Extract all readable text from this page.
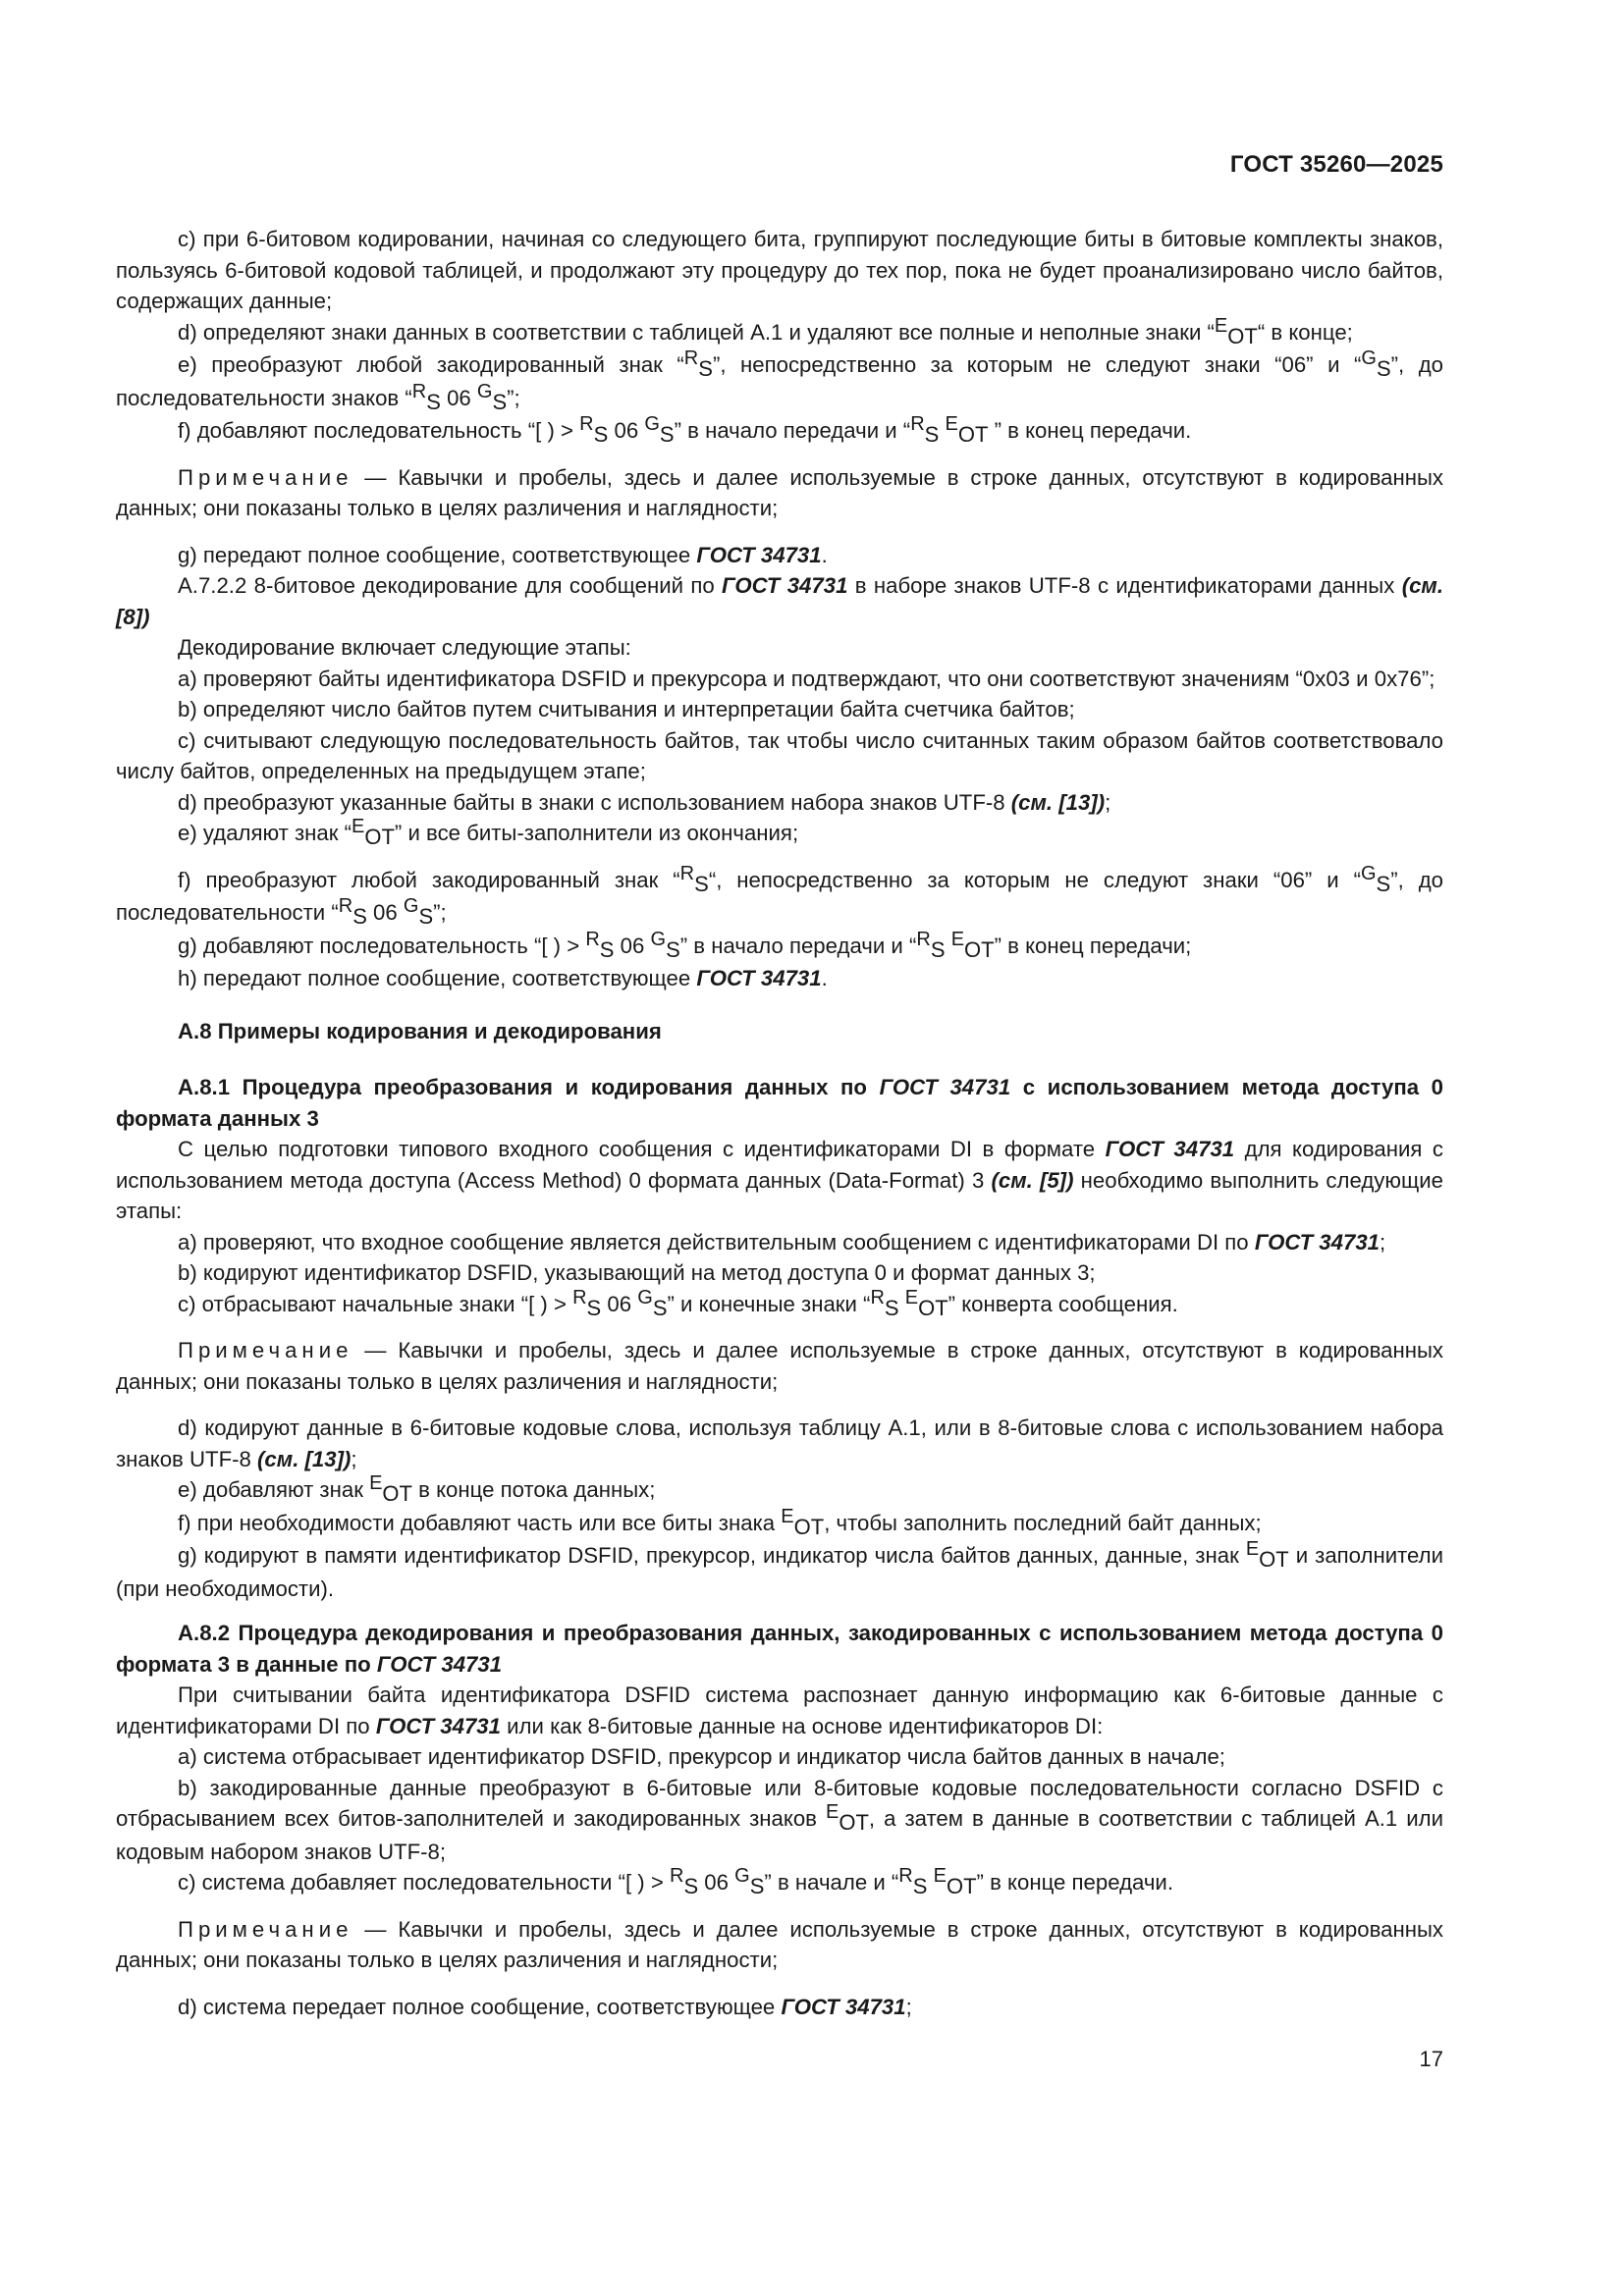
ГОСТ 35260—2025

c) при 6-битовом кодировании, начиная со следующего бита, группируют последующие биты в битовые комплекты знаков, пользуясь 6-битовой кодовой таблицей, и продолжают эту процедуру до тех пор, пока не будет проанализировано число байтов, содержащих данные;

d) определяют знаки данных в соответствии с таблицей А.1 и удаляют все полные и неполные знаки “EOT“ в конце;

e) преобразуют любой закодированный знак “RS”, непосредственно за которым не следуют знаки “06” и “GS”, до последовательности знаков “RS 06 GS”;

f) добавляют последовательность “[ ) > RS 06 GS” в начало передачи и “RS EOT ” в конец передачи.

Примечание — Кавычки и пробелы, здесь и далее используемые в строке данных, отсутствуют в кодированных данных; они показаны только в целях различения и наглядности;

g) передают полное сообщение, соответствующее ГОСТ 34731.

А.7.2.2 8-битовое декодирование для сообщений по ГОСТ 34731 в наборе знаков UTF-8 с идентификаторами данных (см. [8])

Декодирование включает следующие этапы:

a) проверяют байты идентификатора DSFID и прекурсора и подтверждают, что они соответствуют значениям “0x03 и 0x76”;

b) определяют число байтов путем считывания и интерпретации байта счетчика байтов;

c) считывают следующую последовательность байтов, так чтобы число считанных таким образом байтов соответствовало числу байтов, определенных на предыдущем этапе;

d) преобразуют указанные байты в знаки с использованием набора знаков UTF-8 (см. [13]);

e) удаляют знак “EOT” и все биты-заполнители из окончания;

f) преобразуют любой закодированный знак “RS“, непосредственно за которым не следуют знаки “06” и “GS”, до последовательности “RS 06 GS”;

g) добавляют последовательность “[ ) > RS 06 GS” в начало передачи и “RS EOT” в конец передачи;

h) передают полное сообщение, соответствующее ГОСТ 34731.

А.8 Примеры кодирования и декодирования

А.8.1 Процедура преобразования и кодирования данных по ГОСТ 34731 с использованием метода доступа 0 формата данных 3

С целью подготовки типового входного сообщения с идентификаторами DI в формате ГОСТ 34731 для кодирования с использованием метода доступа (Access Method) 0 формата данных (Data-Format) 3 (см. [5]) необходимо выполнить следующие этапы:

a) проверяют, что входное сообщение является действительным сообщением с идентификаторами DI по ГОСТ 34731;

b) кодируют идентификатор DSFID, указывающий на метод доступа 0 и формат данных 3;

c) отбрасывают начальные знаки “[ ) > RS 06 GS” и конечные знаки “RS EOT” конверта сообщения.

Примечание — Кавычки и пробелы, здесь и далее используемые в строке данных, отсутствуют в кодированных данных; они показаны только в целях различения и наглядности;

d) кодируют данные в 6-битовые кодовые слова, используя таблицу А.1, или в 8-битовые слова с использованием набора знаков UTF-8 (см. [13]);

e) добавляют знак EOT в конце потока данных;

f) при необходимости добавляют часть или все биты знака EOT, чтобы заполнить последний байт данных;

g) кодируют в памяти идентификатор DSFID, прекурсор, индикатор числа байтов данных, данные, знак EOT и заполнители (при необходимости).

А.8.2 Процедура декодирования и преобразования данных, закодированных с использованием метода доступа 0 формата 3 в данные по ГОСТ 34731

При считывании байта идентификатора DSFID система распознает данную информацию как 6-битовые данные с идентификаторами DI по ГОСТ 34731 или как 8-битовые данные на основе идентификаторов DI:

a) система отбрасывает идентификатор DSFID, прекурсор и индикатор числа байтов данных в начале;

b) закодированные данные преобразуют в 6-битовые или 8-битовые кодовые последовательности согласно DSFID с отбрасыванием всех битов-заполнителей и закодированных знаков EOT, а затем в данные в соответствии с таблицей А.1 или кодовым набором знаков UTF-8;

c) система добавляет последовательности “[ ) > RS 06 GS” в начале и “RS EOT” в конце передачи.

Примечание — Кавычки и пробелы, здесь и далее используемые в строке данных, отсутствуют в кодированных данных; они показаны только в целях различения и наглядности;

d) система передает полное сообщение, соответствующее ГОСТ 34731;

17
